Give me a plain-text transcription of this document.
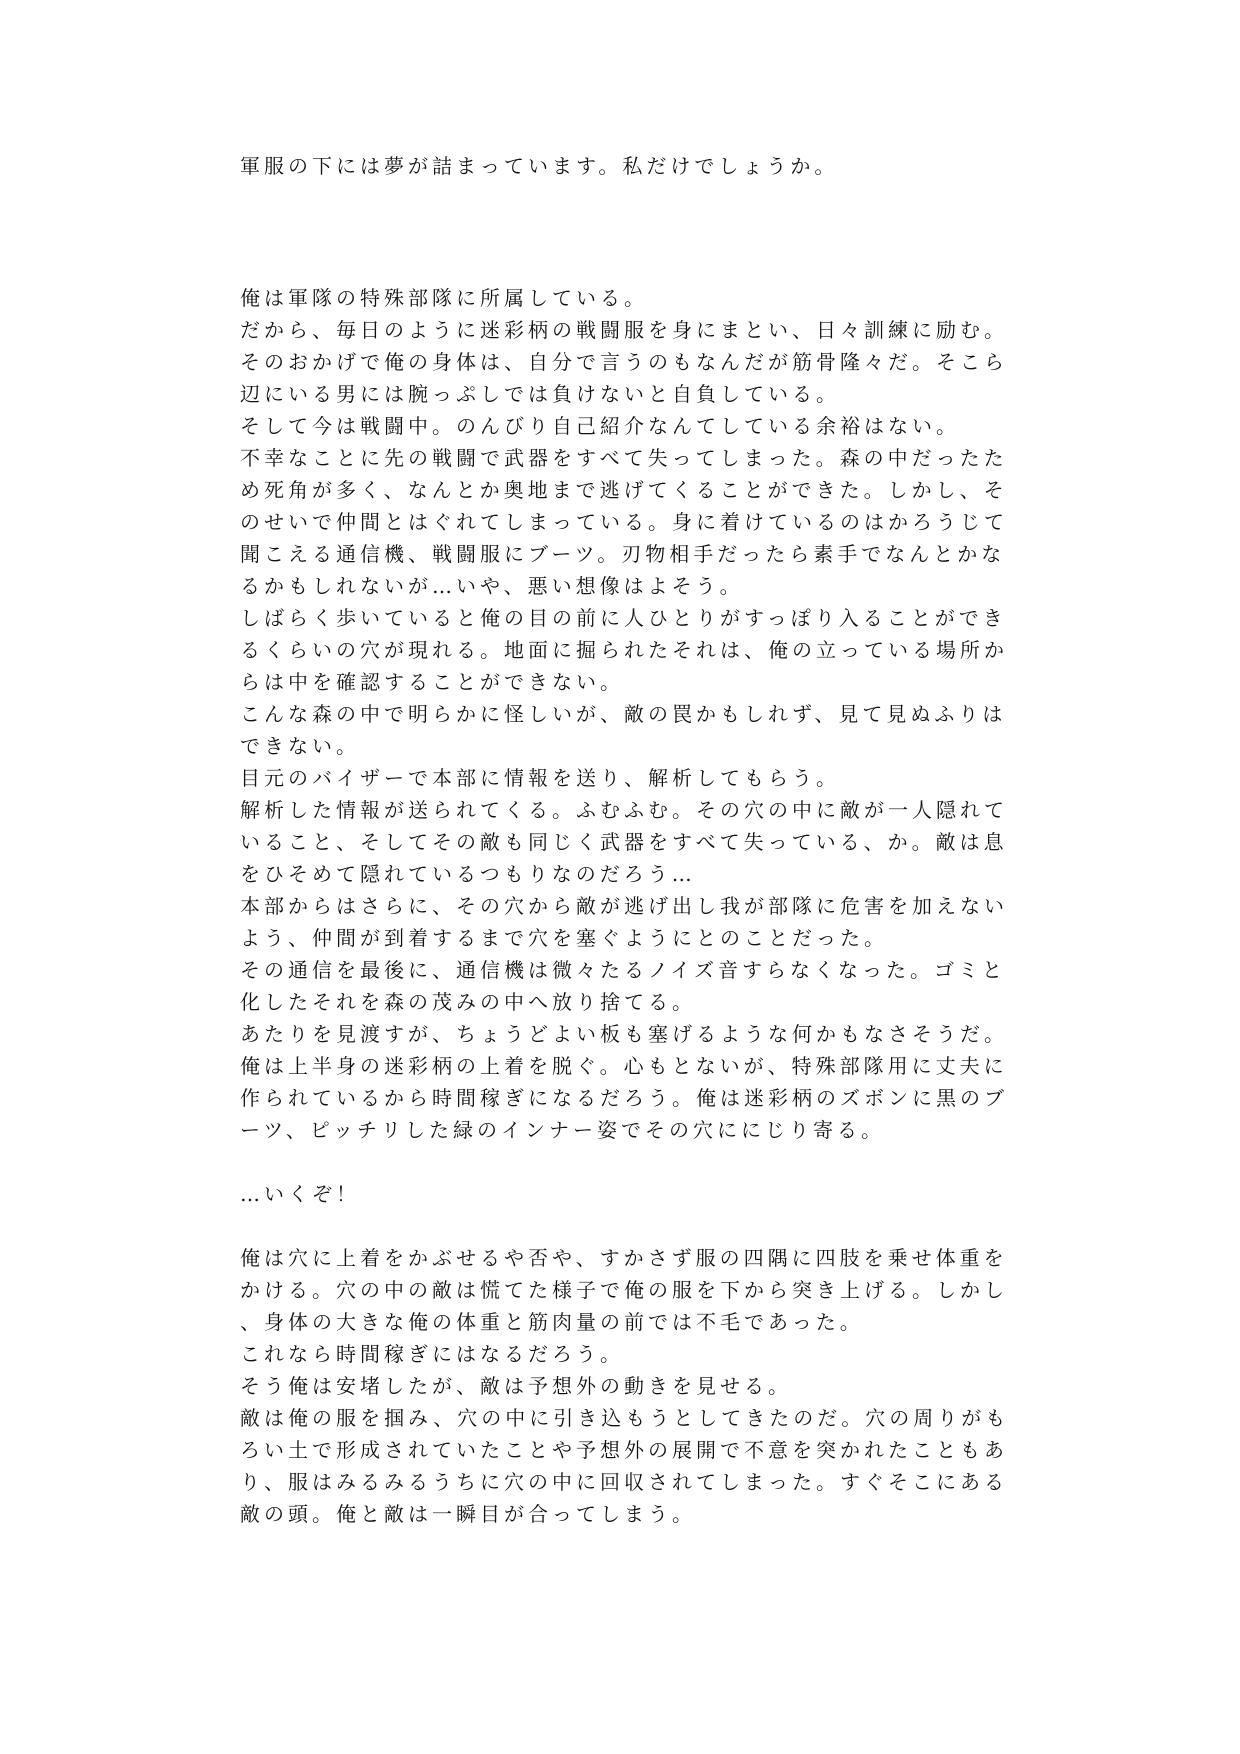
軍服の下には夢が詰まっています。私だけでしょうか。

俺は軍隊の特殊部隊に所属している。

だから、毎日のように迷彩柄の戦闘服を身にまとい、日々訓練に励む。

そのおかげで俺の身体は、自分で言うのもなんだが筋骨隆々だ。そこら辺にいる男には腕っぷしでは負けないと自負している。

そして今は戦闘中。のんびり自己紹介なんてしている余裕はない。

不幸なことに先の戦闘で武器をすべて失ってしまった。森の中だったため死角が多く、なんとか奥地まで逃げてくることができた。しかし、そのせいで仲間とはぐれてしまっている。身に着けているのはかろうじて聞こえる通信機、戦闘服にブーツ。刃物相手だったら素手でなんとかなるかもしれないが…いや、悪い想像はよそう。

しばらく歩いていると俺の目の前に人ひとりがすっぽり入ることができるくらいの穴が現れる。地面に掘られたそれは、俺の立っている場所からは中を確認することができない。

こんな森の中で明らかに怪しいが、敵の罠かもしれず、見て見ぬふりはできない。

目元のバイザーで本部に情報を送り、解析してもらう。

解析した情報が送られてくる。ふむふむ。その穴の中に敵が一人隠れていること、そしてその敵も同じく武器をすべて失っている、か。敵は息をひそめて隠れているつもりなのだろう…

本部からはさらに、その穴から敵が逃げ出し我が部隊に危害を加えないよう、仲間が到着するまで穴を塞ぐようにとのことだった。

その通信を最後に、通信機は微々たるノイズ音すらなくなった。ゴミと化したそれを森の茂みの中へ放り捨てる。

あたりを見渡すが、ちょうどよい板も塞げるような何かもなさそうだ。

俺は上半身の迷彩柄の上着を脱ぐ。心もとないが、特殊部隊用に丈夫に作られているから時間稼ぎになるだろう。俺は迷彩柄のズボンに黒のブーツ、ピッチリした緑のインナー姿でその穴ににじり寄る。

…いくぞ！

俺は穴に上着をかぶせるや否や、すかさず服の四隅に四肢を乗せ体重をかける。穴の中の敵は慌てた様子で俺の服を下から突き上げる。しかし、身体の大きな俺の体重と筋肉量の前では不毛であった。

これなら時間稼ぎにはなるだろう。

そう俺は安堵したが、敵は予想外の動きを見せる。

敵は俺の服を掴み、穴の中に引き込もうとしてきたのだ。穴の周りがもろい土で形成されていたことや予想外の展開で不意を突かれたこともあり、服はみるみるうちに穴の中に回収されてしまった。すぐそこにある敵の頭。俺と敵は一瞬目が合ってしまう。
